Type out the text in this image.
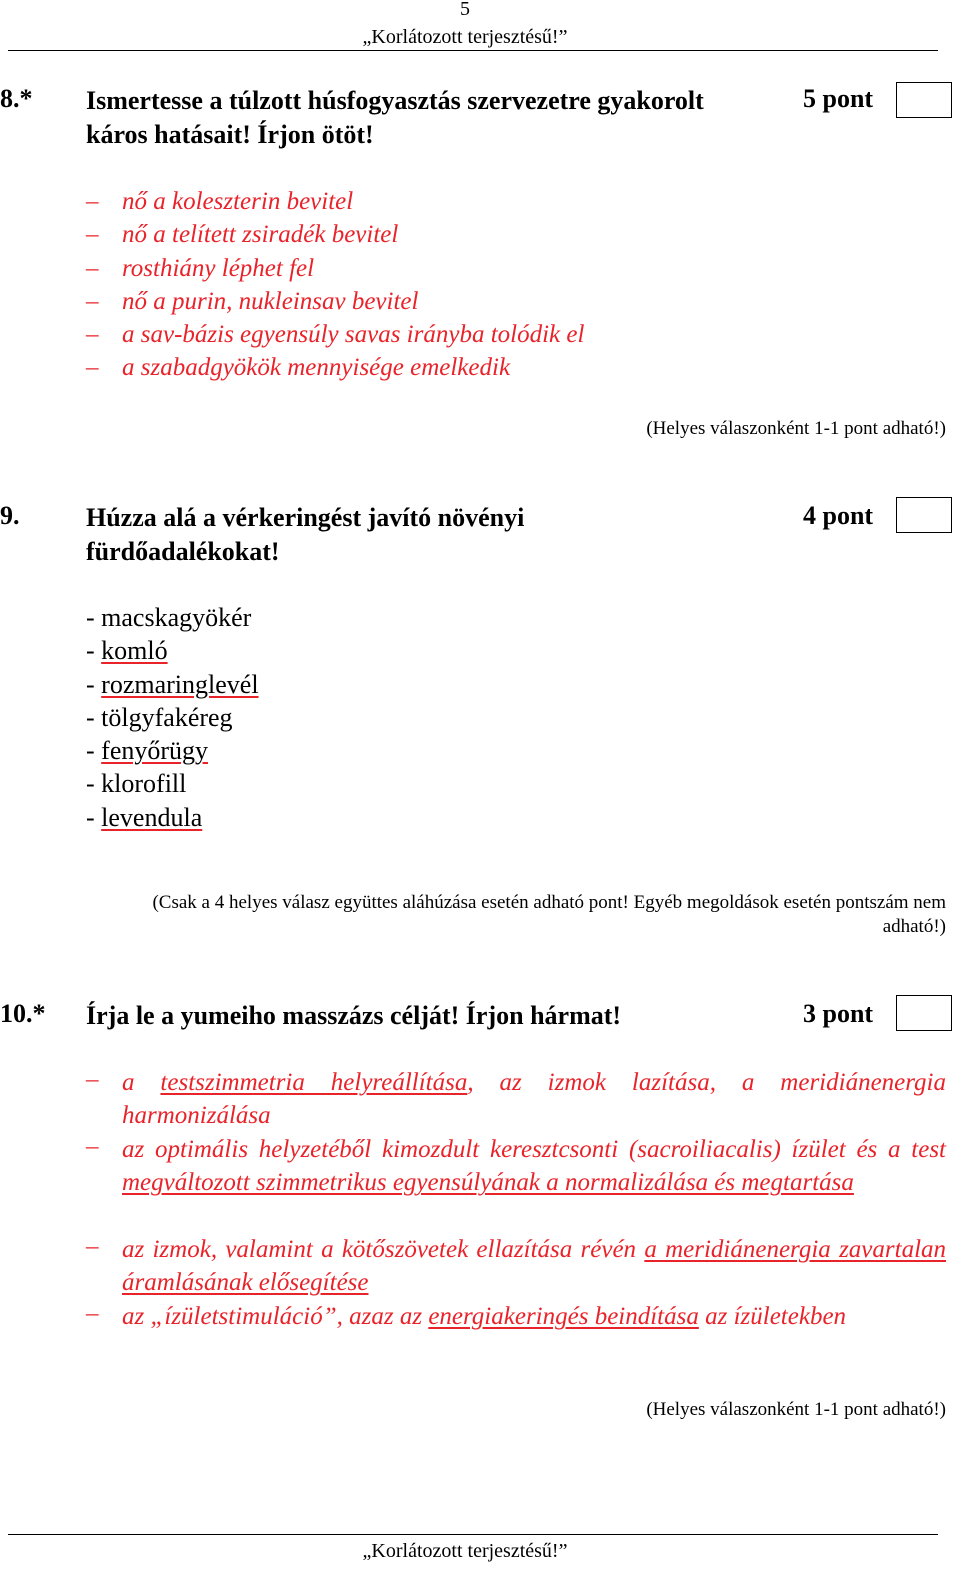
5
„Korlátozott terjesztésű!”
8.* Ismertesse a túlzott húsfogyasztás szervezetre gyakorolt
káros hatásait! Írjon ötöt!
5 pont
– nő a koleszterin bevitel
– nő a telített zsiradék bevitel
– rosthiány léphet fel
– nő a purin, nukleinsav bevitel
– a sav-bázis egyensúly savas irányba tolódik el
– a szabadgyökök mennyisége emelkedik
(Helyes válaszonként 1-1 pont adható!)
9.	Húzza alá a vérkeringést javító növényi
fürdőadalékokat!
4 pont
- macskagyökér
- komló
- rozmaringlevél
- tölgyfakéreg
- fenyőrügy
- klorofill
- levendula
(Csak a 4 helyes válasz együttes aláhúzása esetén adható pont! Egyéb megoldások esetén pontszám nem
adható!)
10.* Írja le a yumeiho masszázs célját! Írjon hármat!	3 pont
– a testszimmetria helyreállítása, az izmok lazítása, a meridiánenergia harmonizálása
– az optimális helyzetéből kimozdult keresztcsonti (sacroiliacalis) ízület és a test megváltozott szimmetrikus egyensúlyának a normalizálása és megtartása
– az izmok, valamint a kötőszövetek ellazítása révén a meridiánenergia zavartalan áramlásának elősegítése
– az „ízületstimuláció”, azaz az energiakeringés beindítása az ízületekben
(Helyes válaszonként 1-1 pont adható!)
„Korlátozott terjesztésű!”
